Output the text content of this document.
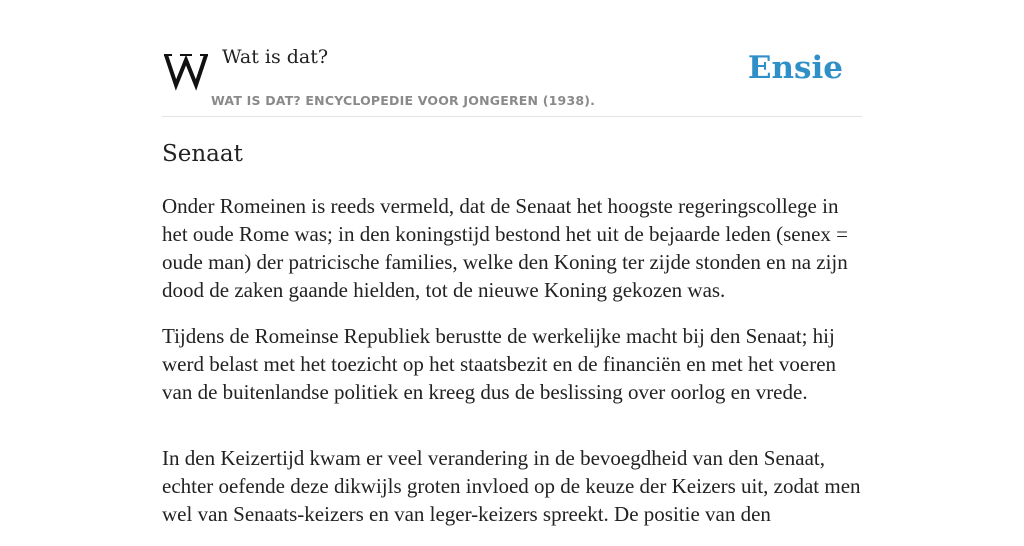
Wat is dat?
WAT IS DAT? ENCYCLOPEDIE VOOR JONGEREN (1938).
Ensie
Senaat

Onder Romeinen is reeds vermeld, dat de Senaat het hoogste regeringscollege in het oude Rome was; in den koningstijd bestond het uit de bejaarde leden (senex = oude man) der patricische families, welke den Koning ter zijde stonden en na zijn dood de zaken gaande hielden, tot de nieuwe Koning gekozen was.

Tijdens de Romeinse Republiek berustte de werkelijke macht bij den Senaat; hij werd belast met het toezicht op het staatsbezit en de financiën en met het voeren van de buitenlandse politiek en kreeg dus de beslissing over oorlog en vrede.

In den Keizertijd kwam er veel verandering in de bevoegdheid van den Senaat, echter oefende deze dikwijls groten invloed op de keuze der Keizers uit, zodat men wel van Senaats-keizers en van leger-keizers spreekt. De positie van den
